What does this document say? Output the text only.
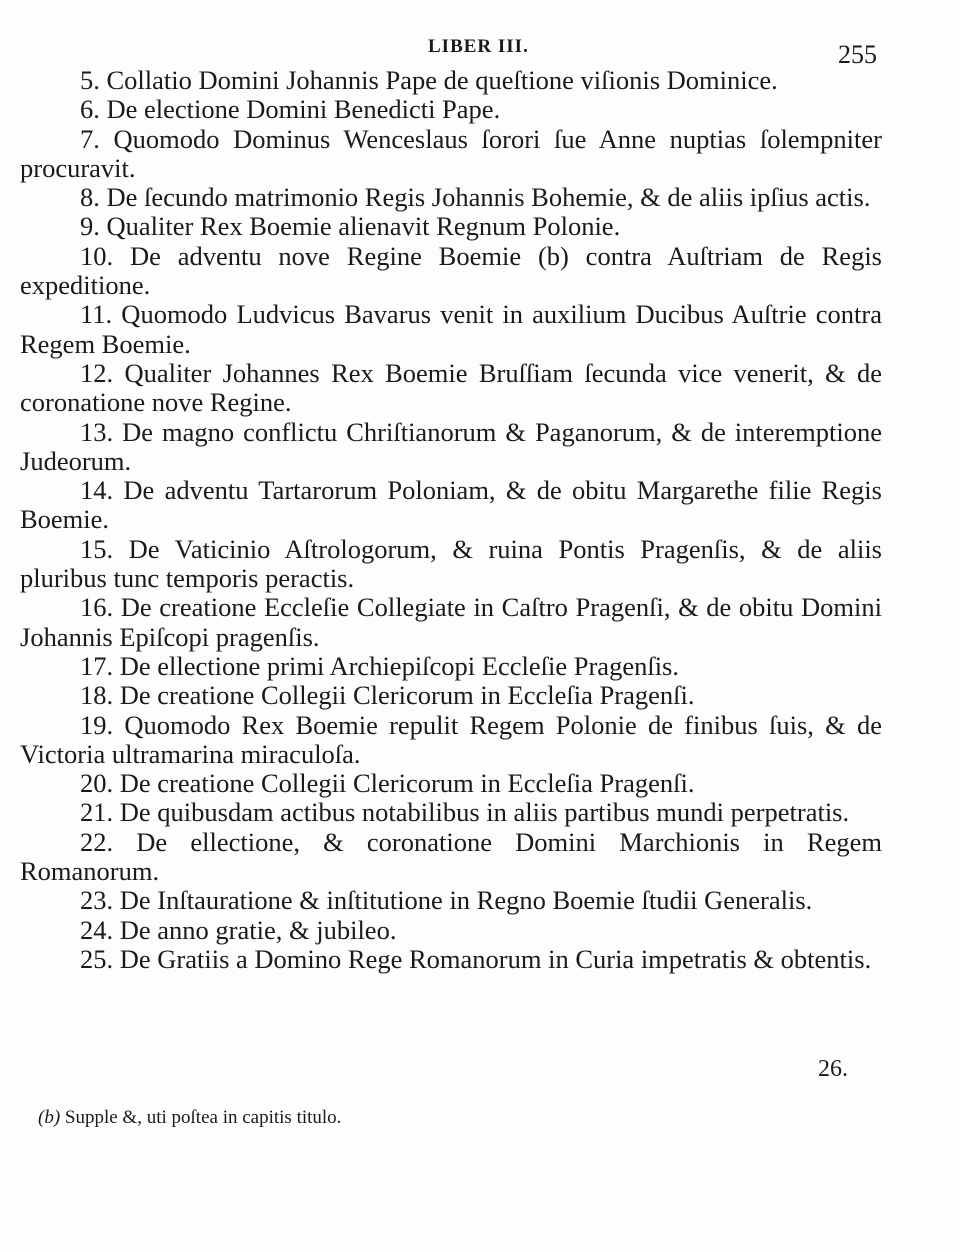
LIBER III.	255
5. Collatio Domini Johannis Pape de queſtione viſionis Dominice.
6. De electione Domini Benedicti Pape.
7. Quomodo Dominus Wenceslaus ſorori ſue Anne nuptias ſolempniter procuravit.
8. De ſecundo matrimonio Regis Johannis Bohemie, & de aliis ipſius actis.
9. Qualiter Rex Boemie alienavit Regnum Polonie.
10. De adventu nove Regine Boemie (b) contra Auſtriam de Regis expeditione.
11. Quomodo Ludvicus Bavarus venit in auxilium Ducibus Auſtrie contra Regem Boemie.
12. Qualiter Johannes Rex Boemie Bruſſiam ſecunda vice venerit, & de coronatione nove Regine.
13. De magno conflictu Chriſtianorum & Paganorum, & de interemptione Judeorum.
14. De adventu Tartarorum Poloniam, & de obitu Margarethe filie Regis Boemie.
15. De Vaticinio Aſtrologorum, & ruina Pontis Pragenſis, & de aliis pluribus tunc temporis peractis.
16. De creatione Eccleſie Collegiate in Caſtro Pragenſi, & de obitu Domini Johannis Epiſcopi pragenſis.
17. De ellectione primi Archiepiſcopi Eccleſie Pragenſis.
18. De creatione Collegii Clericorum in Eccleſia Pragenſi.
19. Quomodo Rex Boemie repulit Regem Polonie de finibus ſuis, & de Victoria ultramarina miraculoſa.
20. De creatione Collegii Clericorum in Eccleſia Pragenſi.
21. De quibusdam actibus notabilibus in aliis partibus mundi perpetratis.
22. De ellectione, & coronatione Domini Marchionis in Regem Romanorum.
23. De Inſtauratione & inſtitutione in Regno Boemie ſtudii Generalis.
24. De anno gratie, & jubileo.
25. De Gratiis a Domino Rege Romanorum in Curia impetratis & obtentis.
26.
(b) Supple &, uti poſtea in capitis titulo.
